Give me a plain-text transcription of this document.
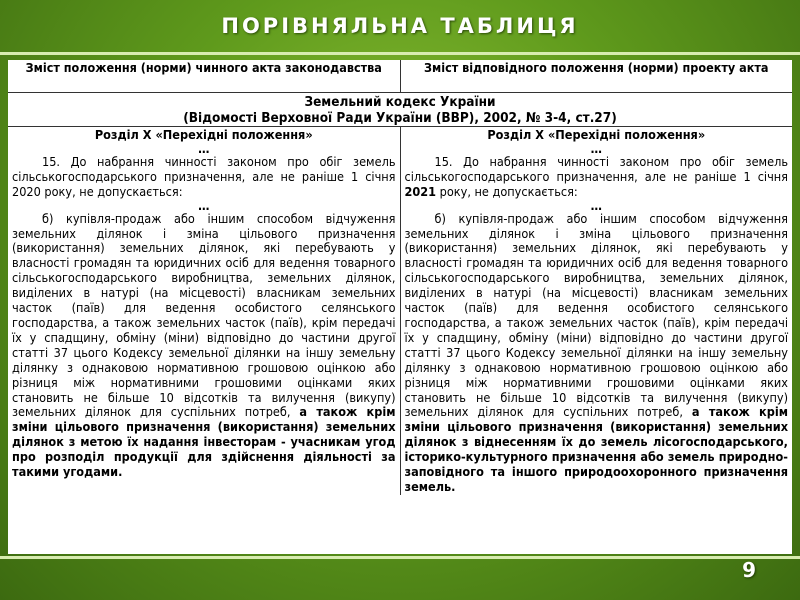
ПОРІВНЯЛЬНА ТАБЛИЦЯ
Зміст положення (норми) чинного акта законодавства	Зміст відповідного положення (норми) проекту акта
Земельний кодекс України
(Відомості Верховної Ради України (ВВР), 2002, № 3-4, ст.27)
Розділ X «Перехідні положення»
…

15. До набрання чинності законом про обіг земель сільськогосподарського призначення, але не раніше 1 січня 2020 року, не допускається:

…

б) купівля-продаж або іншим способом відчуження земельних ділянок і зміна цільового призначення (використання) земельних ділянок, які перебувають у власності громадян та юридичних осіб для ведення товарного сільськогосподарського виробництва, земельних ділянок, виділених в натурі (на місцевості) власникам земельних часток (паїв) для ведення особистого селянського господарства, а також земельних часток (паїв), крім передачі їх у спадщину, обміну (міни) відповідно до частини другої статті 37 цього Кодексу земельної ділянки на іншу земельну ділянку з однаковою нормативною грошовою оцінкою або різниця між нормативними грошовими оцінками яких становить не більше 10 відсотків та вилучення (викупу) земельних ділянок для суспільних потреб, а також крім зміни цільового призначення (використання) земельних ділянок з метою їх надання інвесторам - учасникам угод про розподіл продукції для здійснення діяльності за такими угодами.

Розділ X «Перехідні положення»
…

15. До набрання чинності законом про обіг земель сільськогосподарського призначення, але не раніше 1 січня 2021 року, не допускається:

…

б) купівля-продаж або іншим способом відчуження земельних ділянок і зміна цільового призначення (використання) земельних ділянок, які перебувають у власності громадян та юридичних осіб для ведення товарного сільськогосподарського виробництва, земельних ділянок, виділених в натурі (на місцевості) власникам земельних часток (паїв) для ведення особистого селянського господарства, а також земельних часток (паїв), крім передачі їх у спадщину, обміну (міни) відповідно до частини другої статті 37 цього Кодексу земельної ділянки на іншу земельну ділянку з однаковою нормативною грошовою оцінкою або різниця між нормативними грошовими оцінками яких становить не більше 10 відсотків та вилучення (викупу) земельних ділянок для суспільних потреб, а також крім зміни цільового призначення (використання) земельних ділянок з віднесенням їх до земель лісогосподарського, історико-культурного призначення або земель природно-заповідного та іншого природоохоронного призначення земель.

9
